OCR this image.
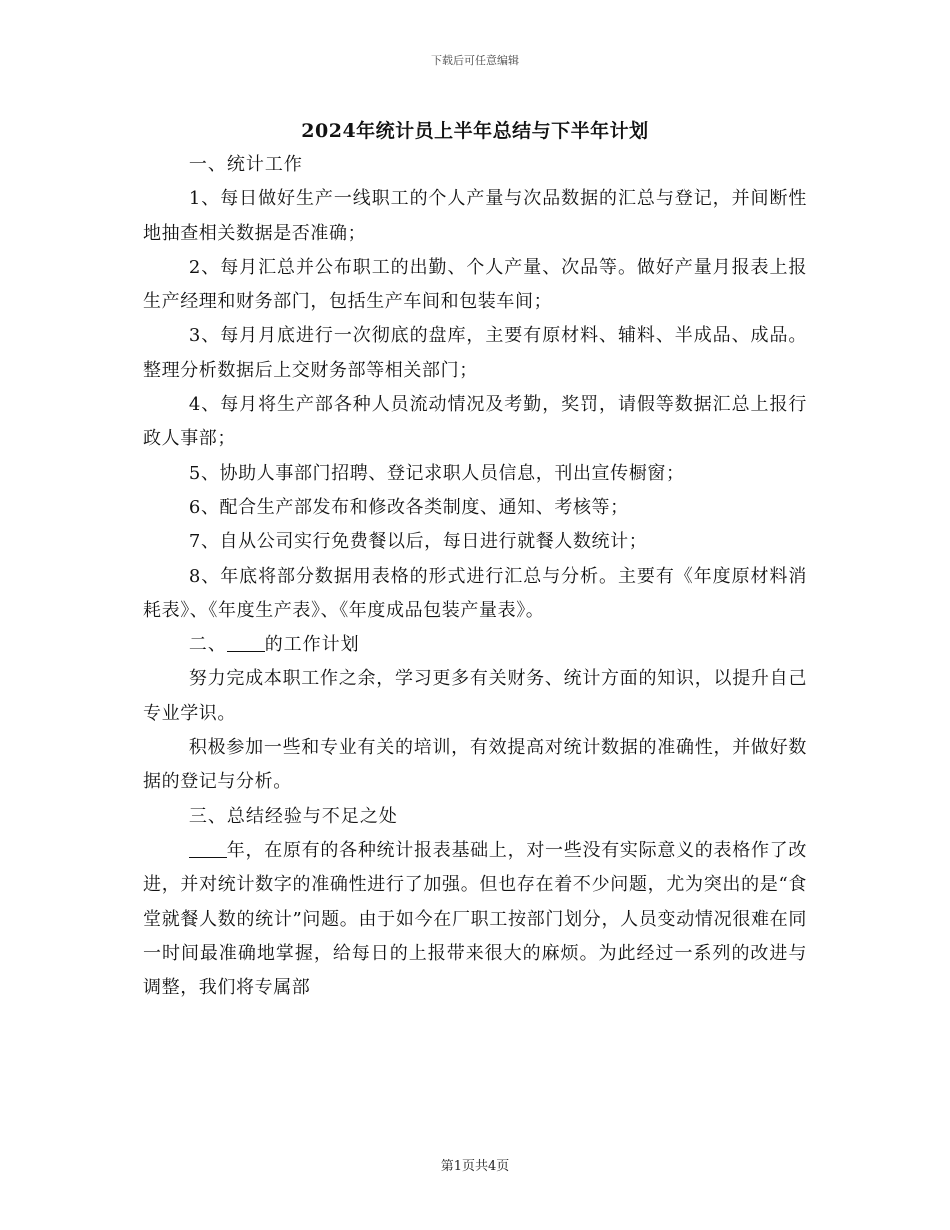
下载后可任意编辑
2024年统计员上半年总结与下半年计划

一、统计工作

1、每日做好生产一线职工的个人产量与次品数据的汇总与登记，并间断性地抽查相关数据是否准确；

2、每月汇总并公布职工的出勤、个人产量、次品等。做好产量月报表上报生产经理和财务部门，包括生产车间和包装车间；

3、每月月底进行一次彻底的盘库，主要有原材料、辅料、半成品、成品。整理分析数据后上交财务部等相关部门；

4、每月将生产部各种人员流动情况及考勤，奖罚，请假等数据汇总上报行政人事部；

5、协助人事部门招聘、登记求职人员信息，刊出宣传橱窗；

6、配合生产部发布和修改各类制度、通知、考核等；

7、自从公司实行免费餐以后，每日进行就餐人数统计；

8、年底将部分数据用表格的形式进行汇总与分析。主要有《年度原材料消耗表》、《年度生产表》、《年度成品包装产量表》。

二、 的工作计划

努力完成本职工作之余，学习更多有关财务、统计方面的知识，以提升自己专业学识。

积极参加一些和专业有关的培训，有效提高对统计数据的准确性，并做好数据的登记与分析。

三、总结经验与不足之处

年，在原有的各种统计报表基础上，对一些没有实际意义的表格作了改进，并对统计数字的准确性进行了加强。但也存在着不少问题，尤为突出的是“食堂就餐人数的统计”问题。由于如今在厂职工按部门划分，人员变动情况很难在同一时间最准确地掌握，给每日的上报带来很大的麻烦。为此经过一系列的改进与调整，我们将专属部

第1页共4页
